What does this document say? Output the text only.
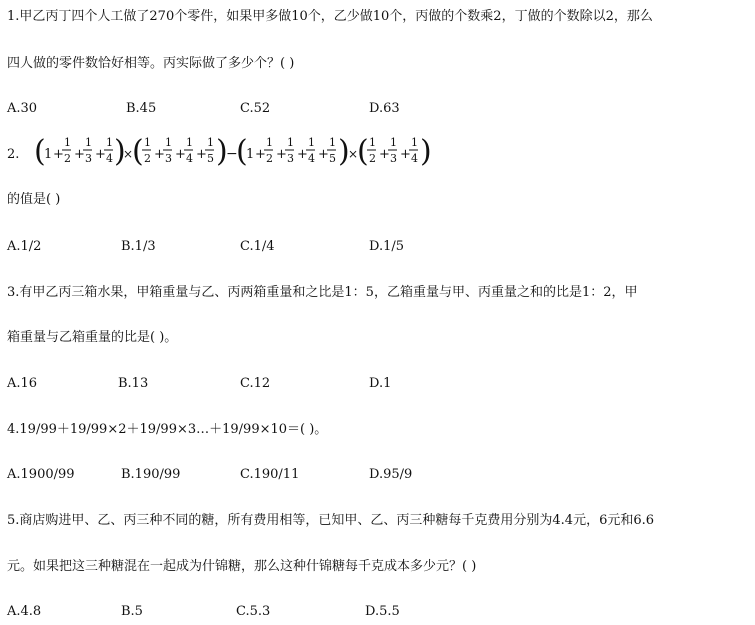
1.甲乙丙丁四个人工做了270个零件，如果甲多做10个，乙少做10个，丙做的个数乘2，丁做的个数除以2，那么
四人做的零件数恰好相等。丙实际做了多少个？( )
A.30	B.45	C.52	D.63
2. (
1 +
1
2 +
1
3 +
1
4 )
×
( 1
2 +
1
3 +
1
4 +
1
5 )
−
(
1 +
1
2 +
1
3 +
1
4 +
1
5 )
×
( 1
2 +
1
3 +
1
4 )
的值是( )
A.1/2	B.1/3	C.1/4	D.1/5
3.有甲乙丙三箱水果，甲箱重量与乙、丙两箱重量和之比是1：5，乙箱重量与甲、丙重量之和的比是1：2，甲
箱重量与乙箱重量的比是( )。
A.16	B.13	C.12	D.1
4.19/99＋19/99×2＋19/99×3…＋19/99×10＝( )。
A.1900/99	B.190/99	C.190/11	D.95/9
5.商店购进甲、乙、丙三种不同的糖，所有费用相等，已知甲、乙、丙三种糖每千克费用分别为4.4元，6元和6.6
元。如果把这三种糖混在一起成为什锦糖，那么这种什锦糖每千克成本多少元？( )
A.4.8	B.5	C.5.3	D.5.5
